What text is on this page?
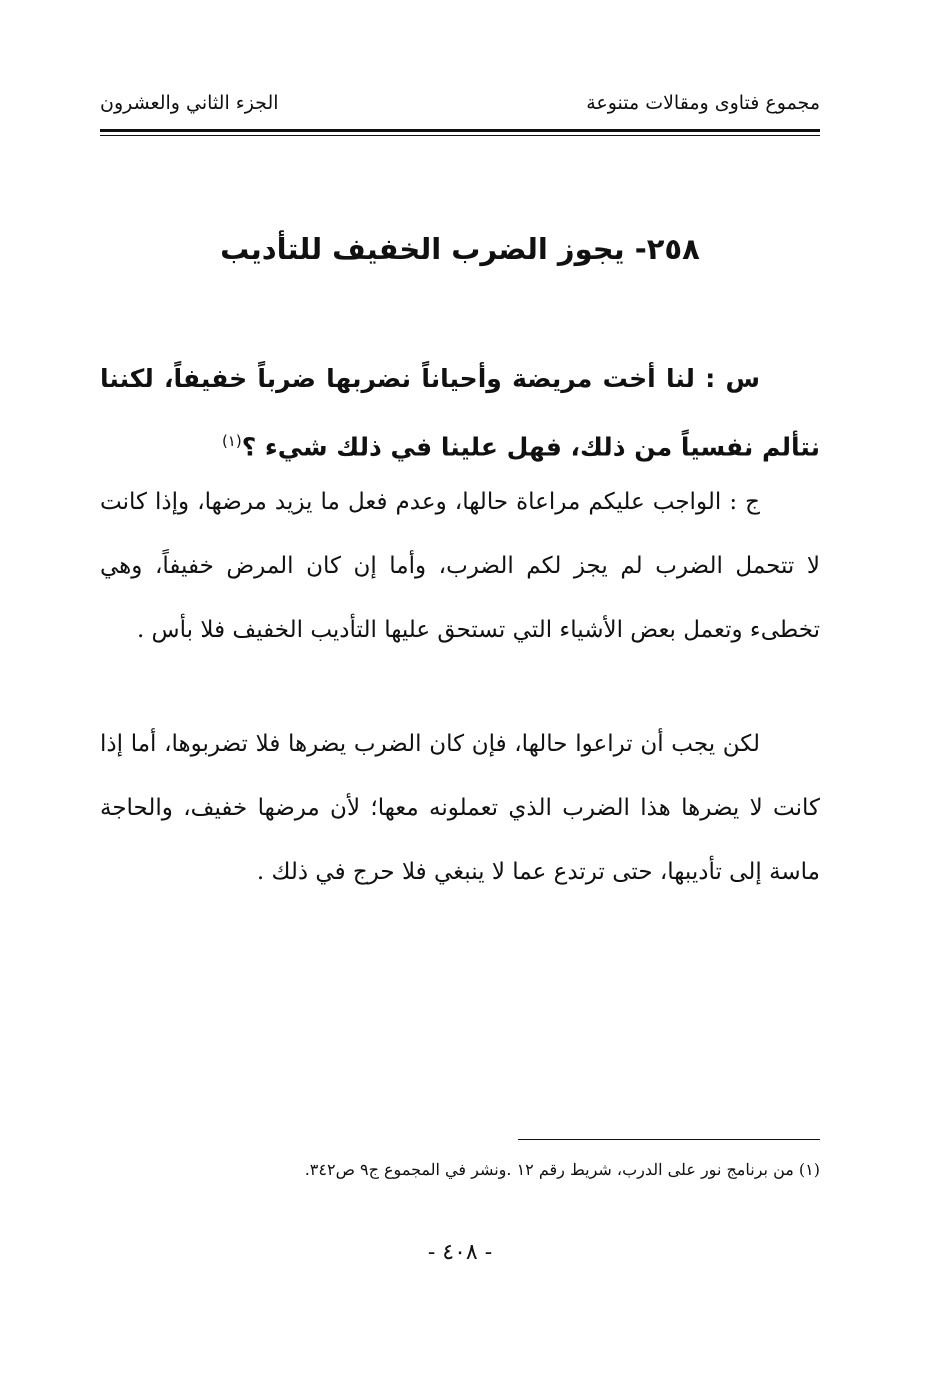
مجموع فتاوى ومقالات متنوعة
الجزء الثاني والعشرون
٢٥٨- يجوز الضرب الخفيف للتأديب
س : لنا أخت مريضة وأحياناً نضربها ضرباً خفيفاً، لكننا نتألم نفسياً من ذلك، فهل علينا في ذلك شيء ؟$^{(١)}$
ج : الواجب عليكم مراعاة حالها، وعدم فعل ما يزيد مرضها، وإذا كانت لا تتحمل الضرب لم يجز لكم الضرب، وأما إن كان المرض خفيفاً، وهي تخطىء وتعمل بعض الأشياء التي تستحق عليها التأديب الخفيف فلا بأس .
لكن يجب أن تراعوا حالها، فإن كان الضرب يضرها فلا تضربوها، أما إذا كانت لا يضرها هذا الضرب الذي تعملونه معها؛ لأن مرضها خفيف، والحاجة ماسة إلى تأديبها، حتى ترتدع عما لا ينبغي فلا حرج في ذلك .
(١) من برنامج نور على الدرب، شريط رقم ١٢ .ونشر في المجموع ج٩ ص٣٤٢.
- ٤٠٨ -
